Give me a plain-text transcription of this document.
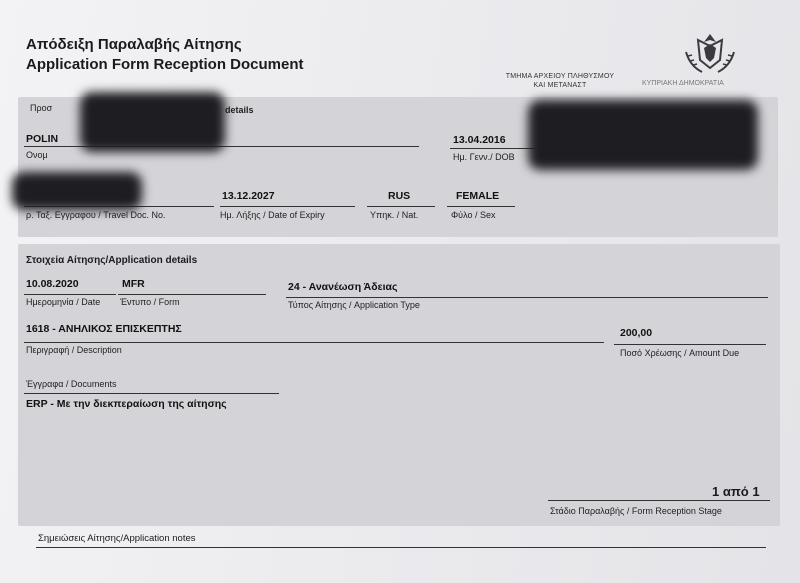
Απόδειξη Παραλαβής Αίτησης
Application Form Reception Document
ΤΜΗΜΑ ΑΡΧΕΙΟΥ ΠΛΗΘΥΣΜΟΥ
ΚΑΙ ΜΕΤΑΝΑΣΤ	ΚΥΠΡΙΑΚΗ ΔΗΜΟΚΡΑΤΙΑ
Προσ	details
POLIN
Ονομ
13.04.2016
Ημ. Γενν./ DOB
ρ. Ταξ. Εγγραφου / Travel Doc. No.
13.12.2027
Ημ. Λήξης / Date of Expiry
RUS
Υπηκ. / Nat.
FEMALE
Φύλο / Sex
Στοιχεία Αίτησης/Application details
10.08.2020
Ημερομηνία / Date
MFR
Έντυπο / Form
24 - Ανανέωση Άδειας
Τύπος Αίτησης / Application Type
1618 - ΑΝΗΛΙΚΟΣ ΕΠΙΣΚΕΠΤΗΣ
Περιγραφή / Description
200,00
Ποσό Χρέωσης / Amount Due
Έγγραφα / Documents
ERP - Με την διεκπεραίωση της αίτησης
1 από 1
Στάδιο Παραλαβής / Form Reception Stage
Σημειώσεις Αίτησης/Application notes
